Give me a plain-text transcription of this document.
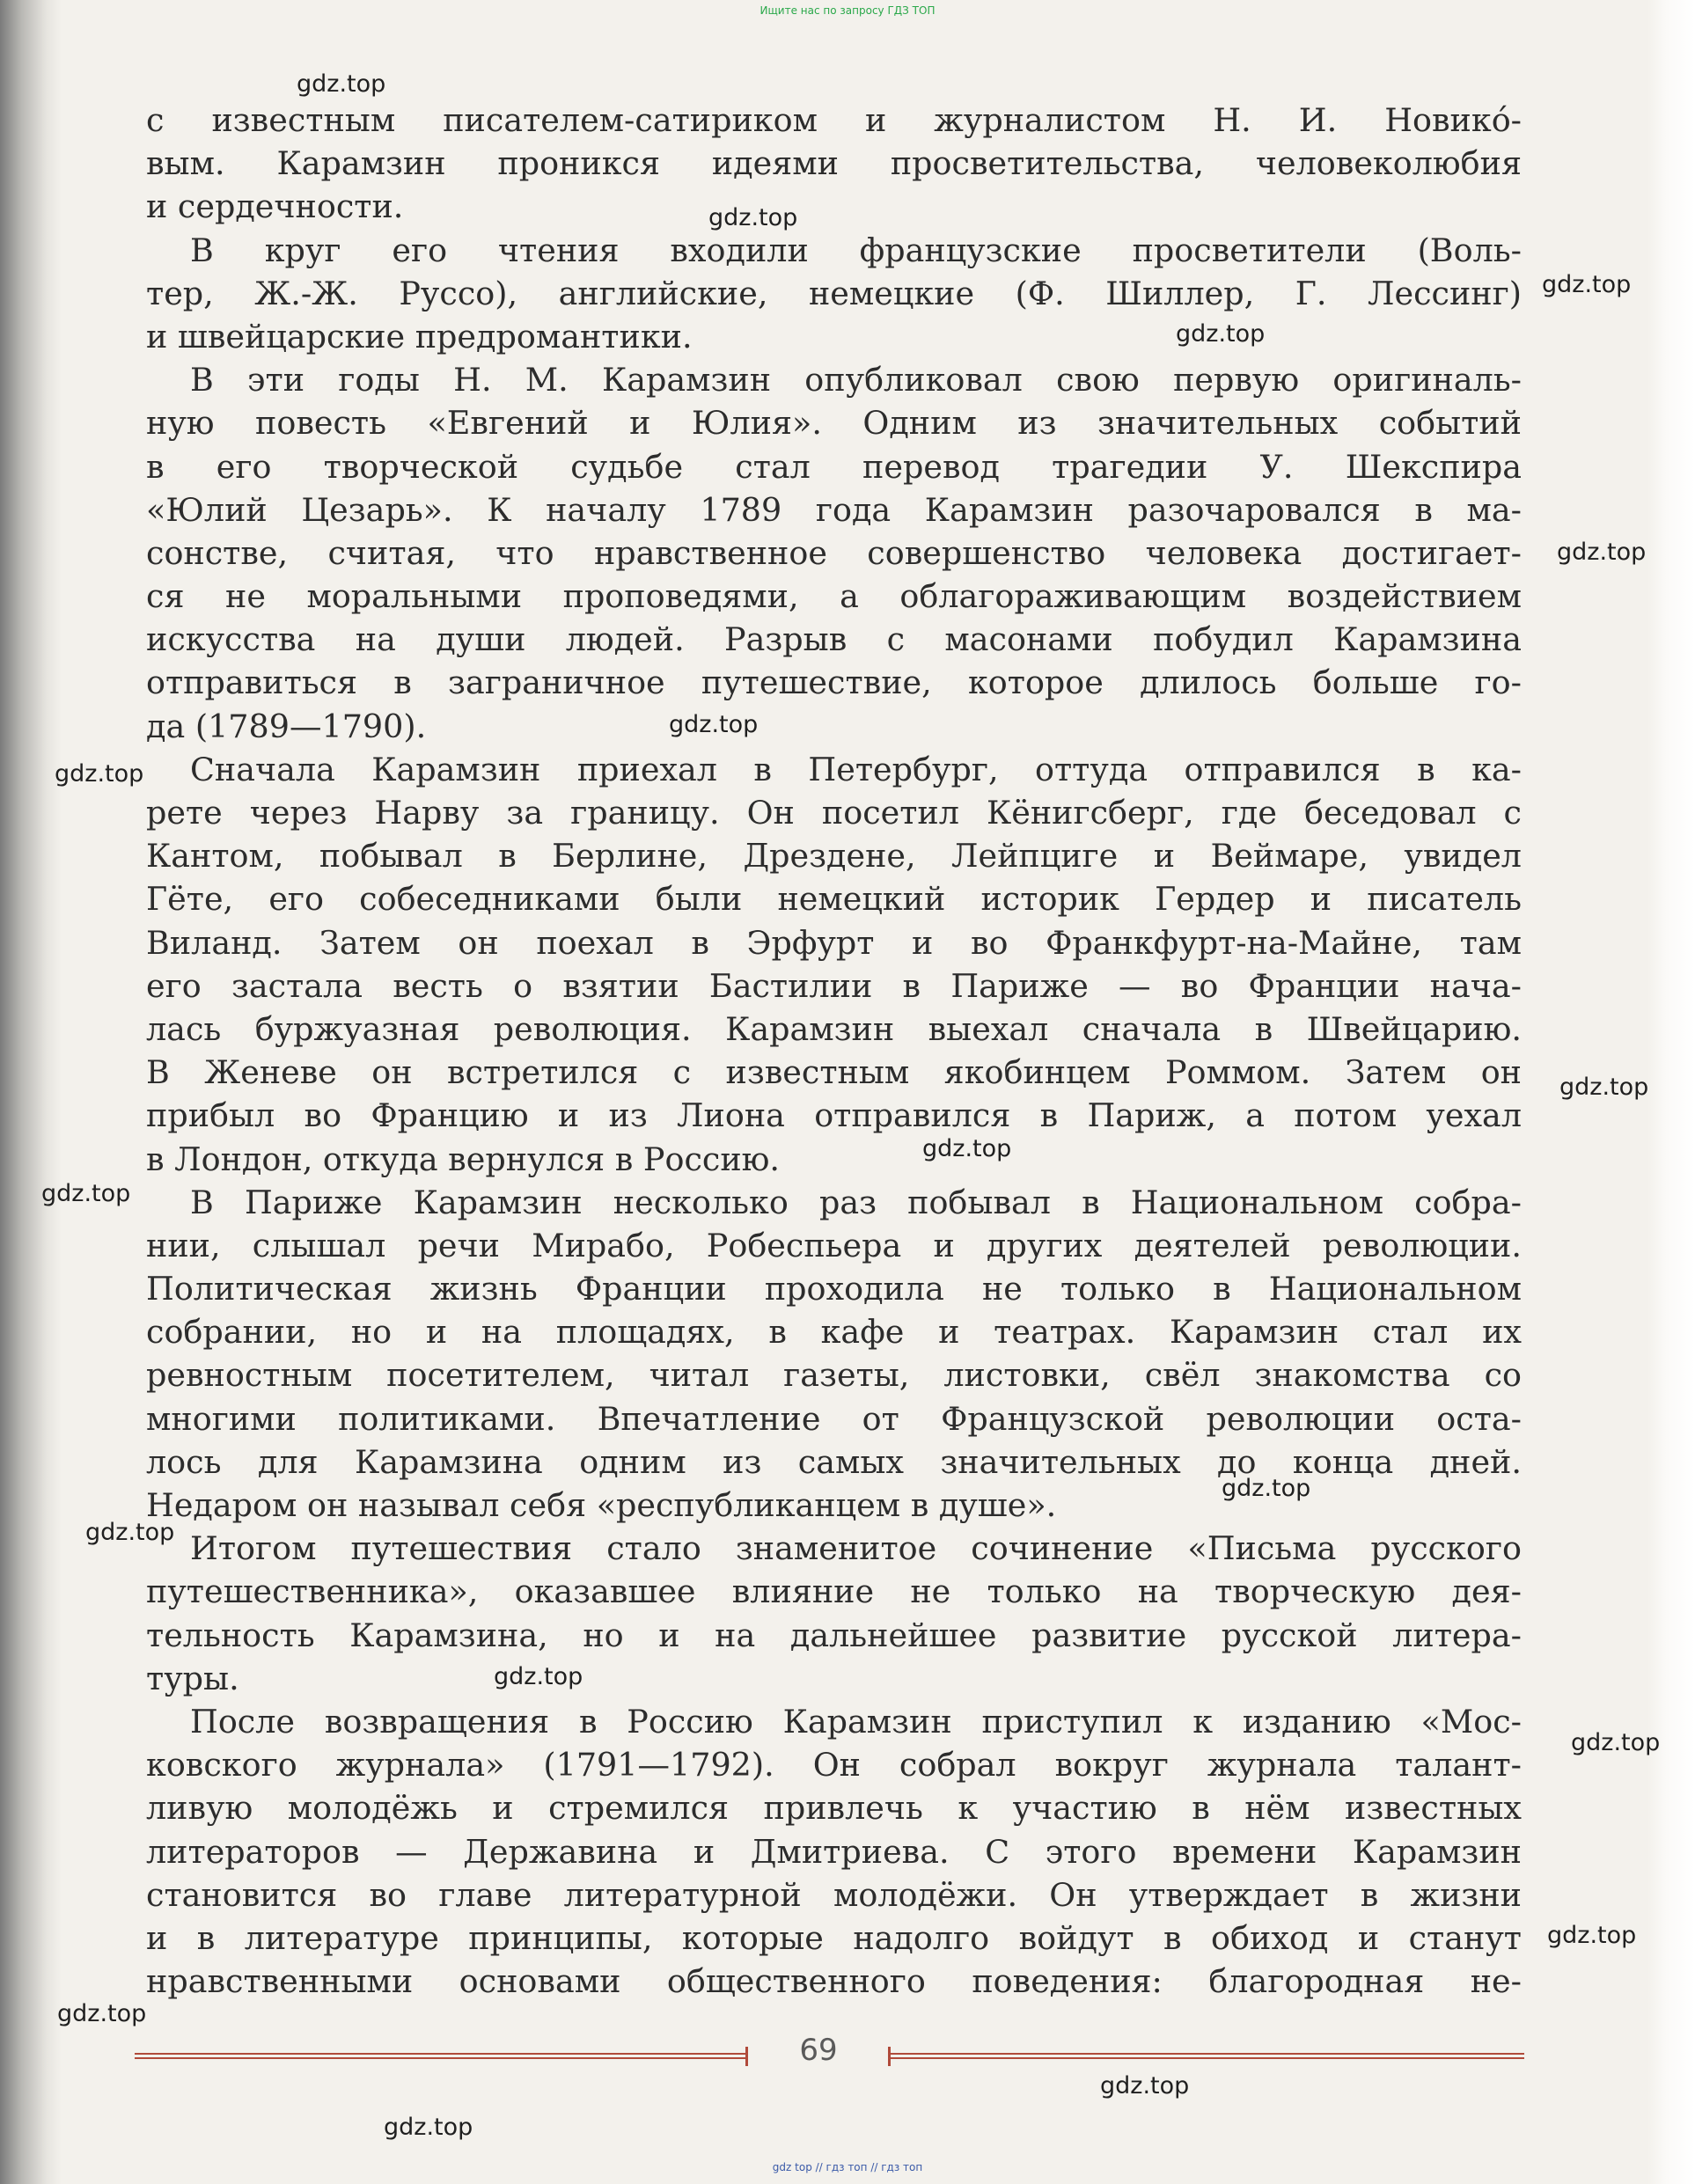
Ищите нас по запросу ГДЗ ТОП

с известным писателем-сатириком и журналистом Н. И. Новикó-
вым. Карамзин проникся идеями просветительства, человеколюбия
и сердечности.

В круг его чтения входили французские просветители (Воль-
тер, Ж.-Ж. Руссо), английские, немецкие (Ф. Шиллер, Г. Лессинг)
и швейцарские предромантики.

В эти годы Н. М. Карамзин опубликовал свою первую оригиналь-
ную повесть «Евгений и Юлия». Одним из значительных событий
в его творческой судьбе стал перевод трагедии У. Шекспира
«Юлий Цезарь». К началу 1789 года Карамзин разочаровался в ма-
сонстве, считая, что нравственное совершенство человека достигает-
ся не моральными проповедями, а облагораживающим воздействием
искусства на души людей. Разрыв с масонами побудил Карамзина
отправиться в заграничное путешествие, которое длилось больше го-
да (1789—1790).

Сначала Карамзин приехал в Петербург, оттуда отправился в ка-
рете через Нарву за границу. Он посетил Кёнигсберг, где беседовал с
Кантом, побывал в Берлине, Дрездене, Лейпциге и Веймаре, увидел
Гёте, его собеседниками были немецкий историк Гердер и писатель
Виланд. Затем он поехал в Эрфурт и во Франкфурт-на-Майне, там
его застала весть о взятии Бастилии в Париже — во Франции нача-
лась буржуазная революция. Карамзин выехал сначала в Швейцарию.
В Женеве он встретился с известным якобинцем Роммом. Затем он
прибыл во Францию и из Лиона отправился в Париж, а потом уехал
в Лондон, откуда вернулся в Россию.

В Париже Карамзин несколько раз побывал в Национальном собра-
нии, слышал речи Мирабо, Робеспьера и других деятелей революции.
Политическая жизнь Франции проходила не только в Национальном
собрании, но и на площадях, в кафе и театрах. Карамзин стал их
ревностным посетителем, читал газеты, листовки, свёл знакомства со
многими политиками. Впечатление от Французской революции оста-
лось для Карамзина одним из самых значительных до конца дней.
Недаром он называл себя «республиканцем в душе».

Итогом путешествия стало знаменитое сочинение «Письма русского
путешественника», оказавшее влияние не только на творческую дея-
тельность Карамзина, но и на дальнейшее развитие русской литера-
туры.

После возвращения в Россию Карамзин приступил к изданию «Мос-
ковского журнала» (1791—1792). Он собрал вокруг журнала талант-
ливую молодёжь и стремился привлечь к участию в нём известных
литераторов — Державина и Дмитриева. С этого времени Карамзин
становится во главе литературной молодёжи. Он утверждает в жизни
и в литературе принципы, которые надолго войдут в обиход и станут
нравственными основами общественного поведения: благородная не-

gdz.top
gdz.top
gdz.top
gdz.top
gdz.top
gdz.top
gdz.top
gdz.top
gdz.top
gdz.top
gdz.top
gdz.top
gdz.top
gdz.top
gdz.top
gdz.top
gdz.top
gdz.top
69
gdz top // гдз топ // гдз топ
